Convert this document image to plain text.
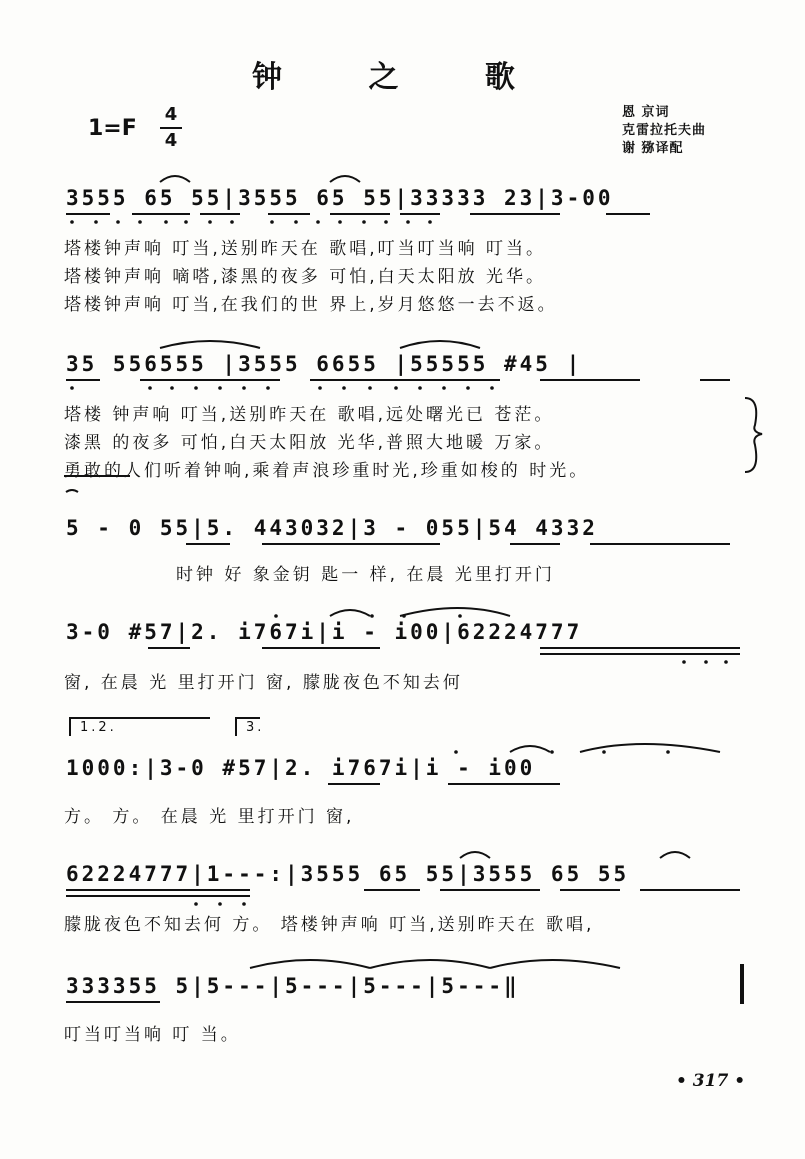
钟 之 歌
1=F
4
4
恩 京词
克雷拉托夫曲
谢 猕译配
3555 65 55|3555 65 55|33333 23|3-00
塔楼钟声响 叮当,送别昨天在 歌唱,叮当叮当响 叮当。
塔楼钟声响 嘀嗒,漆黑的夜多 可怕,白天太阳放 光华。
塔楼钟声响 叮当,在我们的世 界上,岁月悠悠一去不返。
35 556555 |3555 6655 |55555 #45 |
塔楼 钟声响 叮当,送别昨天在 歌唱,远处曙光已 苍茫。
漆黑 的夜多 可怕,白天太阳放 光华,普照大地暖 万家。
勇敢的人们听着钟响,乘着声浪珍重时光,珍重如梭的 时光。
5 - 0 55|5. 443032|3 - 055|54 4332
时钟 好 象金钥 匙一 样, 在晨 光里打开门
3-0 #57|2. i767i|i - i00|62224777
窗, 在晨 光 里打开门 窗, 朦胧夜色不知去何
1.2.	3.
1000:|3-0 #57|2. i767i|i - i00
方。 方。 在晨 光 里打开门 窗,
62224777|1---:|3555 65 55|3555 65 55
朦胧夜色不知去何 方。 塔楼钟声响 叮当,送别昨天在 歌唱,
333355 5|5---|5---|5---|5---‖
叮当叮当响 叮 当。
• 317 •
